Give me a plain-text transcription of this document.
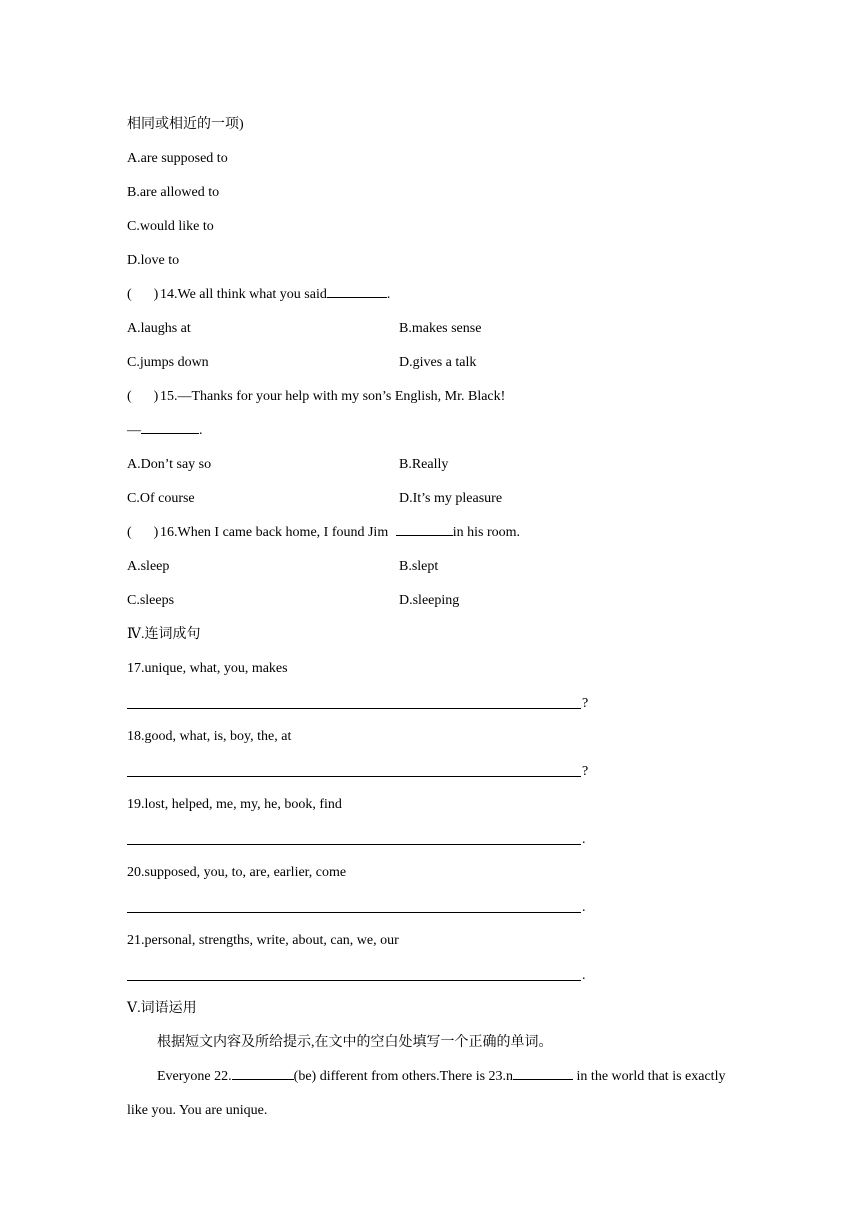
相同或相近的一项)
A.are supposed to
B.are allowed to
C.would like to
D.love to
( ) 14.We all think what you said	.
A.laughs at	B.makes sense
C.jumps down	D.gives a talk
( ) 15.—Thanks for your help with my son’s English, Mr. Black!
—	.
A.Don’t say so	B.Really
C.Of course	D.It’s my pleasure
( ) 16.When I came back home, I found Jim	in his room.
A.sleep	B.slept
C.sleeps	D.sleeping
Ⅳ.连词成句
17.unique, what, you, makes
?
18.good, what, is, boy, the, at
?
19.lost, helped, me, my, he, book, find
.
20.supposed, you, to, are, earlier, come
.
21.personal, strengths, write, about, can, we, our
.
Ⅴ.词语运用
根据短文内容及所给提示,在文中的空白处填写一个正确的单词。
Everyone 22.	(be) different from others.There is 23.n	in the world that is exactly like you. You are unique.
